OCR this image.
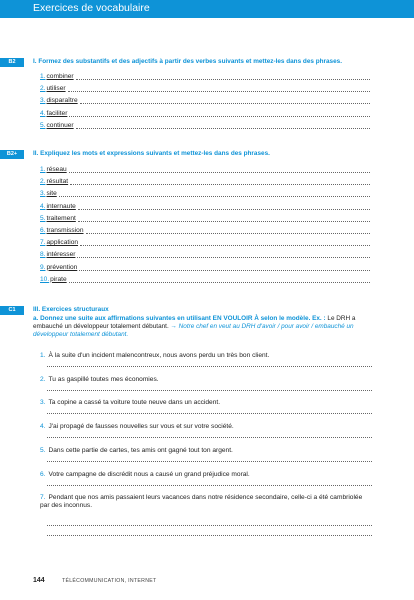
Exercices de vocabulaire
B2	I. Formez des substantifs et des adjectifs à partir des verbes suivants et mettez-les dans des phrases.
1. combiner
2. utiliser
3. disparaître
4. faciliter
5. continuer
B2+	II. Expliquez les mots et expressions suivants et mettez-les dans des phrases.
1. réseau
2. résultat
3. site
4. internaute
5. traitement
6. transmission
7. application
8. intéresser
9. prévention
10. pirate
C1	III. Exercices structuraux
a. Donnez une suite aux affirmations suivantes en utilisant EN VOULOIR À selon le modèle. Ex. : Le DRH a embauché un développeur totalement débutant. → Notre chef en veut au DRH d'avoir / pour avoir / embauché un développeur totalement débutant.
1. À la suite d'un incident malencontreux, nous avons perdu un très bon client.
2. Tu as gaspillé toutes mes économies.
3. Ta copine a cassé ta voiture toute neuve dans un accident.
4. J'ai propagé de fausses nouvelles sur vous et sur votre société.
5. Dans cette partie de cartes, tes amis ont gagné tout ton argent.
6. Votre campagne de discrédit nous a causé un grand préjudice moral.
7. Pendant que nos amis passaient leurs vacances dans notre résidence secondaire, celle-ci a été cambriolée par des inconnus.
144	TÉLÉCOMMUNICATION, INTERNET
